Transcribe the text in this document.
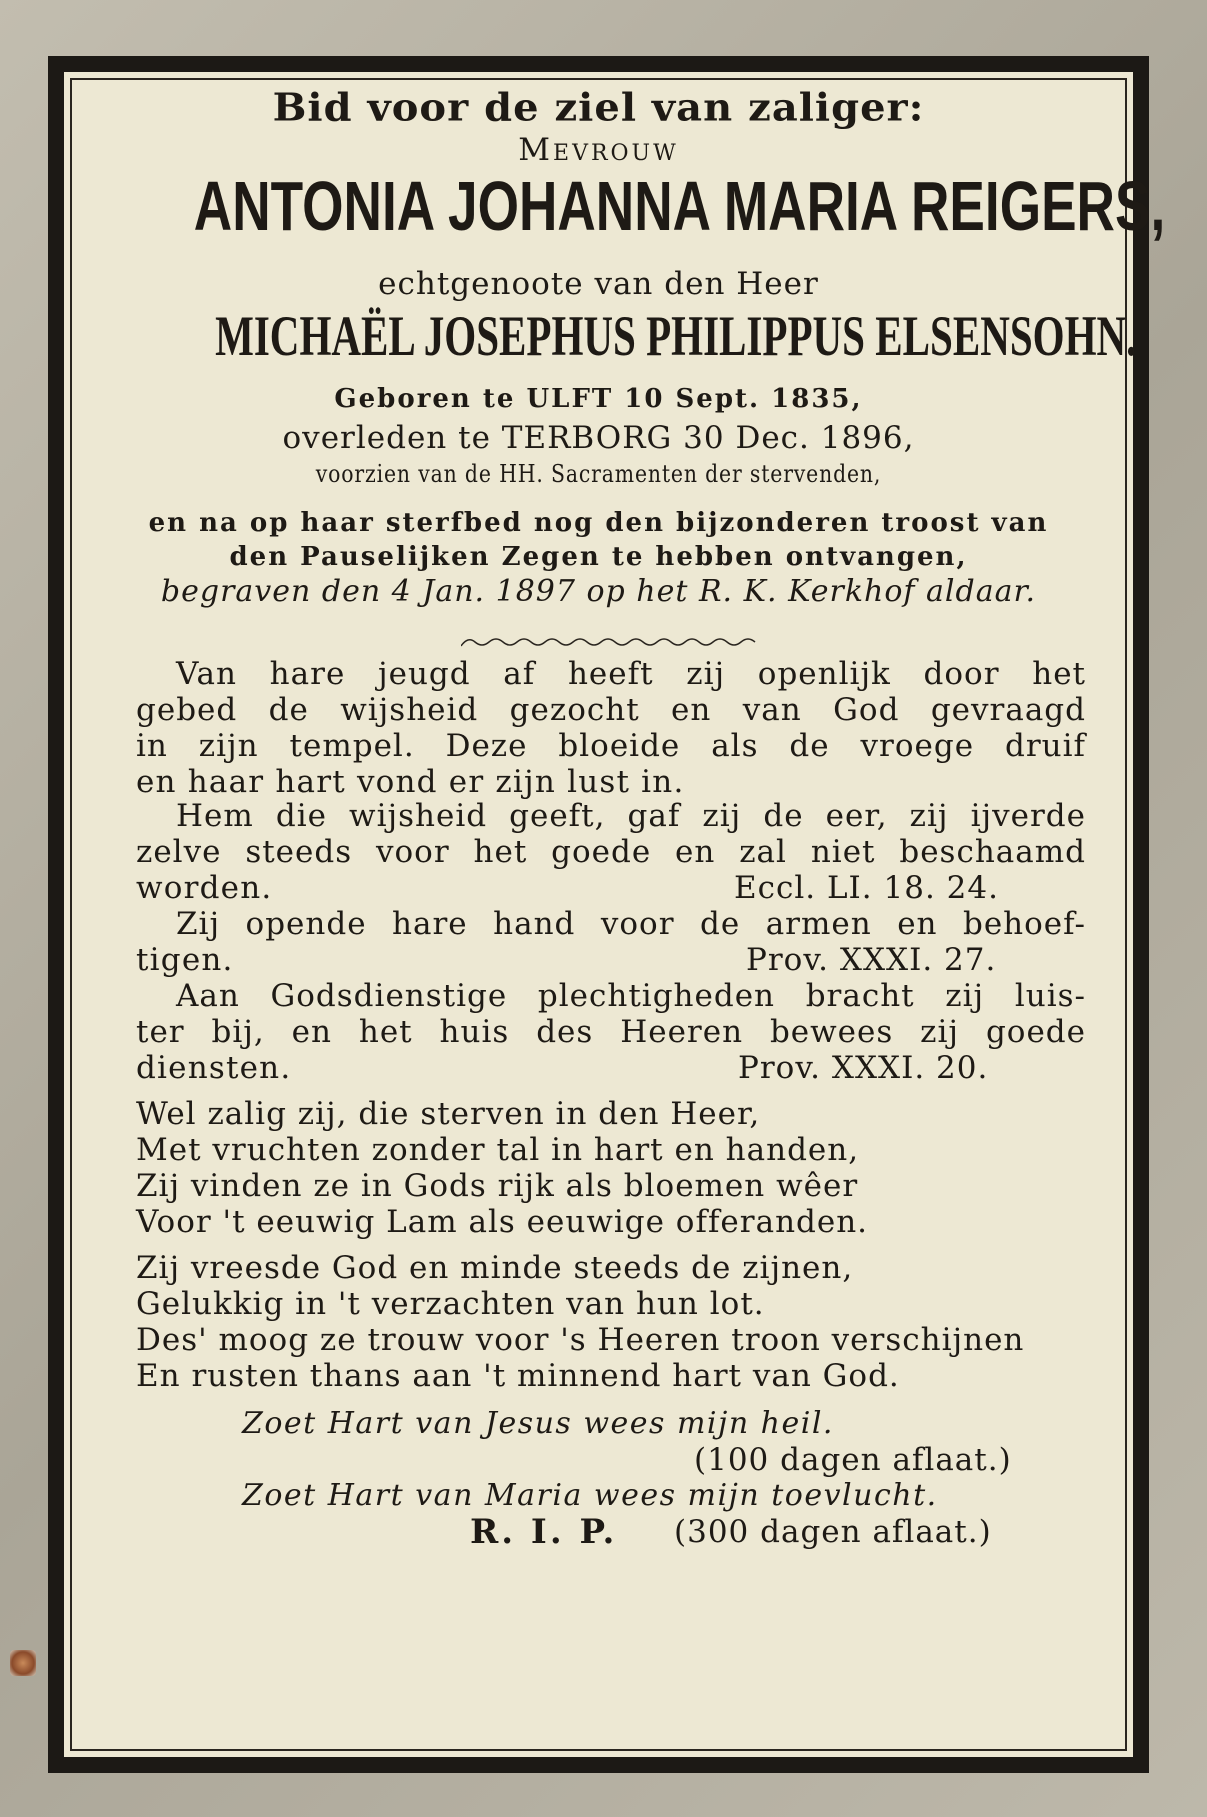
Bid voor de ziel van zaliger:
Mevrouw
ANTONIA JOHANNA MARIA REIGERS,
echtgenoote van den Heer
MICHAËL JOSEPHUS PHILIPPUS ELSENSOHN.
Geboren te ULFT 10 Sept. 1835,
overleden te TERBORG 30 Dec. 1896,
voorzien van de HH. Sacramenten der stervenden,
en na op haar sterfbed nog den bijzonderen troost van
den Pauselijken Zegen te hebben ontvangen,
begraven den 4 Jan. 1897 op het R. K. Kerkhof aldaar.
Van hare jeugd af heeft zij openlijk door het
gebed de wijsheid gezocht en van God gevraagd
in zijn tempel. Deze bloeide als de vroege druif
en haar hart vond er zijn lust in.
Hem die wijsheid geeft, gaf zij de eer, zij ijverde
zelve steeds voor het goede en zal niet beschaamd
worden.	Eccl. LI. 18. 24.
Zij opende hare hand voor de armen en behoef-
tigen.	Prov. XXXI. 27.
Aan Godsdienstige plechtigheden bracht zij luis-
ter bij, en het huis des Heeren bewees zij goede
diensten.	Prov. XXXI. 20.
Wel zalig zij, die sterven in den Heer,
Met vruchten zonder tal in hart en handen,
Zij vinden ze in Gods rijk als bloemen wêer
Voor 't eeuwig Lam als eeuwige offeranden.
Zij vreesde God en minde steeds de zijnen,
Gelukkig in 't verzachten van hun lot.
Des' moog ze trouw voor 's Heeren troon verschijnen
En rusten thans aan 't minnend hart van God.
Zoet Hart van Jesus wees mijn heil.
(100 dagen aflaat.)
Zoet Hart van Maria wees mijn toevlucht.
R. I. P. (300 dagen aflaat.)
